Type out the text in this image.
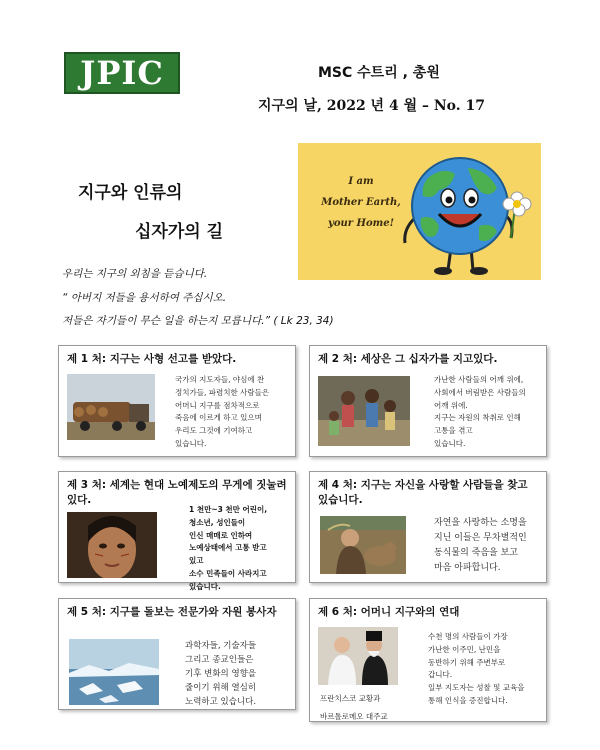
JPIC	MSC 수트리 , 총원
지구의 날, 2022 년 4 월 – No. 17
지구와 인류의
십자가의 길
I am
Mother Earth,
your Home!
우리는 지구의 외침을 듣습니다.
“ 아버지 저들을 용서하여 주십시오.
저들은 자기들이 무슨 일을 하는지 모릅니다.” ( Lk 23, 34)
제 1 처: 지구는 사형 선고를 받았다.
국가의 지도자들, 야심에 찬
정치가들, 파렴치한 사람들은
어머니 지구를 점차적으로
죽음에 이르게 하고 있으며
우리도 그것에 기여하고
있습니다.
제 2 처: 세상은 그 십자가를 지고있다.
가난한 사람들의 어깨 위에,
사회에서 버림받은 사람들의
어깨 위에.
지구는 자원의 착취로 인해
고통을 겪고
있습니다.
제 3 처: 세계는 현대 노예제도의 무게에 짓눌려 있다.
1 천만~3 천만 어린이,
청소년, 성인들이
인신 매매로 인하여
노예상태에서 고통 받고
있고
소수 민족들이 사라지고
있습니다.
제 4 처: 지구는 자신을 사랑할 사람들을 찾고 있습니다.
자연을 사랑하는 소명을
지닌 이들은 무차별적인
동식물의 죽음을 보고
마음 아파합니다.
제 5 처: 지구를 돌보는 전문가와 자원 봉사자
과학자들, 기술자들
그리고 종교인들은
기후 변화의 영향을
줄이기 위해 열심히
노력하고 있습니다.
제 6 처: 어머니 지구와의 연대
프란치스코 교황과
바르톨로메오 대주교
수천 명의 사람들이 가장
가난한 이주민, 난민을
동반하기 위해 주변부로
갑니다.
일부 지도자는 성찰 및 교육을
통해 인식을 증진합니다.
